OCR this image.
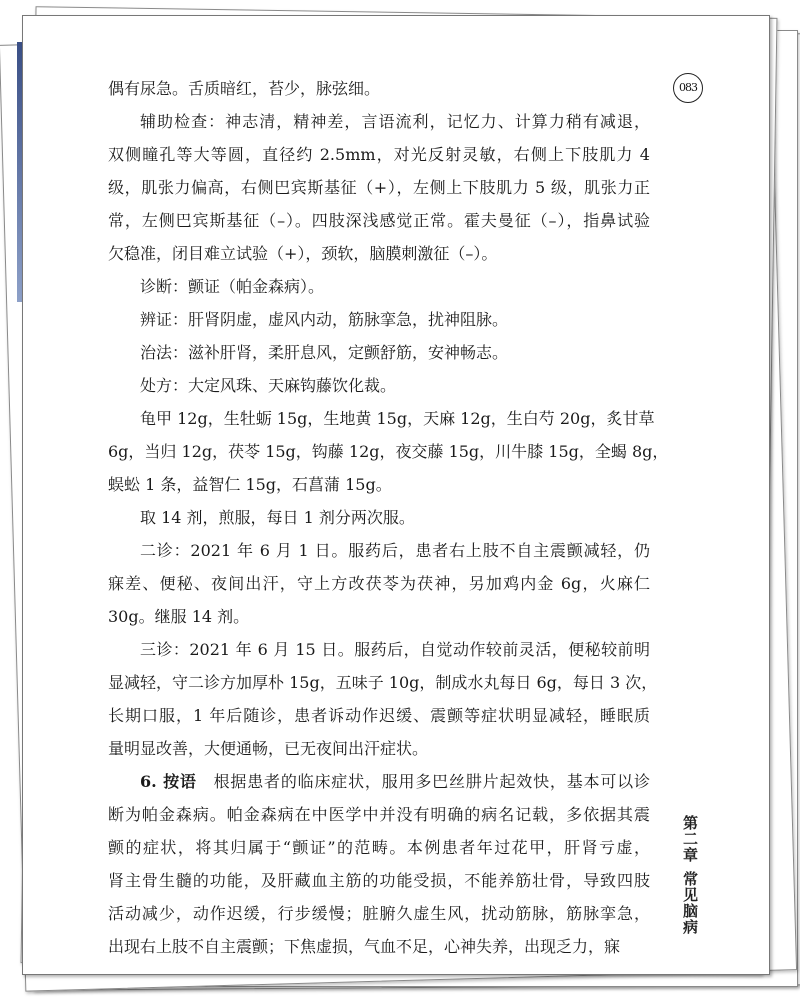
083
偶有尿急。舌质暗红，苔少，脉弦细。
辅助检查：神志清，精神差，言语流利，记忆力、计算力稍有减退，
双侧瞳孔等大等圆，直径约 2.5mm，对光反射灵敏，右侧上下肢肌力 4
级，肌张力偏高，右侧巴宾斯基征（+），左侧上下肢肌力 5 级，肌张力正
常，左侧巴宾斯基征（–）。四肢深浅感觉正常。霍夫曼征（–），指鼻试验
欠稳准，闭目难立试验（+），颈软，脑膜刺激征（–）。
诊断：颤证（帕金森病）。
辨证：肝肾阴虚，虚风内动，筋脉挛急，扰神阻脉。
治法：滋补肝肾，柔肝息风，定颤舒筋，安神畅志。
处方：大定风珠、天麻钩藤饮化裁。
龟甲 12g，生牡蛎 15g，生地黄 15g，天麻 12g，生白芍 20g，炙甘草
6g，当归 12g，茯苓 15g，钩藤 12g，夜交藤 15g，川牛膝 15g，全蝎 8g，
蜈蚣 1 条，益智仁 15g，石菖蒲 15g。
取 14 剂，煎服，每日 1 剂分两次服。
二诊：2021 年 6 月 1 日。服药后，患者右上肢不自主震颤减轻，仍
寐差、便秘、夜间出汗，守上方改茯苓为茯神，另加鸡内金 6g，火麻仁
30g。继服 14 剂。
三诊：2021 年 6 月 15 日。服药后，自觉动作较前灵活，便秘较前明
显减轻，守二诊方加厚朴 15g，五味子 10g，制成水丸每日 6g，每日 3 次，
长期口服，1 年后随诊，患者诉动作迟缓、震颤等症状明显减轻，睡眠质
量明显改善，大便通畅，已无夜间出汗症状。
6. 按语　 根据患者的临床症状，服用多巴丝肼片起效快，基本可以诊
断为帕金森病。帕金森病在中医学中并没有明确的病名记载，多依据其震
颤的症状，将其归属于“颤证”的范畴。本例患者年过花甲，肝肾亏虚，
肾主骨生髓的功能，及肝藏血主筋的功能受损，不能养筋壮骨，导致四肢
活动减少，动作迟缓，行步缓慢；脏腑久虚生风，扰动筋脉，筋脉挛急，
出现右上肢不自主震颤；下焦虚损，气血不足，心神失养，出现乏力，寐
第二章
常见脑病
